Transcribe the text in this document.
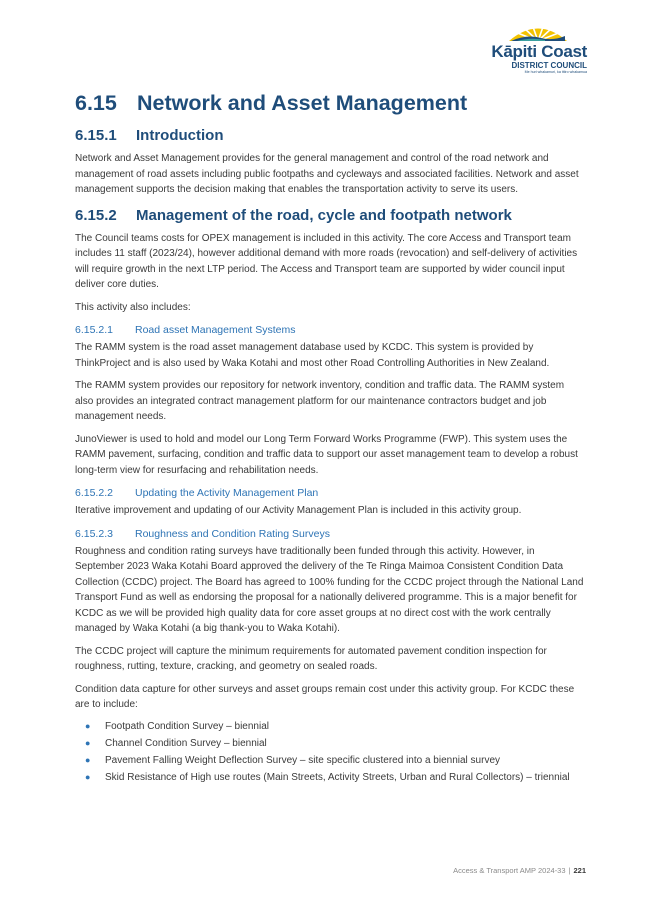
Kāpiti Coast
DISTRICT COUNCIL
Me huri whakamuri, ka titiro whakamua
6.15 Network and Asset Management
6.15.1 Introduction

Network and Asset Management provides for the general management and control of the road network and management of road assets including public footpaths and cycleways and associated facilities. Network and asset management supports the decision making that enables the transportation activity to serve its users.

6.15.2 Management of the road, cycle and footpath network

The Council teams costs for OPEX management is included in this activity. The core Access and Transport team includes 11 staff (2023/24), however additional demand with more roads (revocation) and self-delivery of activities will require growth in the next LTP period. The Access and Transport team are supported by wider council input deliver core duties.

This activity also includes:

6.15.2.1 Road asset Management Systems

The RAMM system is the road asset management database used by KCDC. This system is provided by ThinkProject and is also used by Waka Kotahi and most other Road Controlling Authorities in New Zealand.

The RAMM system provides our repository for network inventory, condition and traffic data. The RAMM system also provides an integrated contract management platform for our maintenance contractors budget and job management needs.

JunoViewer is used to hold and model our Long Term Forward Works Programme (FWP). This system uses the RAMM pavement, surfacing, condition and traffic data to support our asset management team to develop a robust long-term view for resurfacing and rehabilitation needs.

6.15.2.2 Updating the Activity Management Plan

Iterative improvement and updating of our Activity Management Plan is included in this activity group.

6.15.2.3 Roughness and Condition Rating Surveys

Roughness and condition rating surveys have traditionally been funded through this activity. However, in September 2023 Waka Kotahi Board approved the delivery of the Te Ringa Maimoa Consistent Condition Data Collection (CCDC) project. The Board has agreed to 100% funding for the CCDC project through the National Land Transport Fund as well as endorsing the proposal for a nationally delivered programme. This is a major benefit for KCDC as we will be provided high quality data for core asset groups at no direct cost with the work centrally managed by Waka Kotahi (a big thank-you to Waka Kotahi).

The CCDC project will capture the minimum requirements for automated pavement condition inspection for roughness, rutting, texture, cracking, and geometry on sealed roads.

Condition data capture for other surveys and asset groups remain cost under this activity group. For KCDC these are to include:

● Footpath Condition Survey – biennial
● Channel Condition Survey – biennial
● Pavement Falling Weight Deflection Survey – site specific clustered into a biennial survey
● Skid Resistance of High use routes (Main Streets, Activity Streets, Urban and Rural Collectors) – triennial
Access & Transport AMP 2024-33 | 221
